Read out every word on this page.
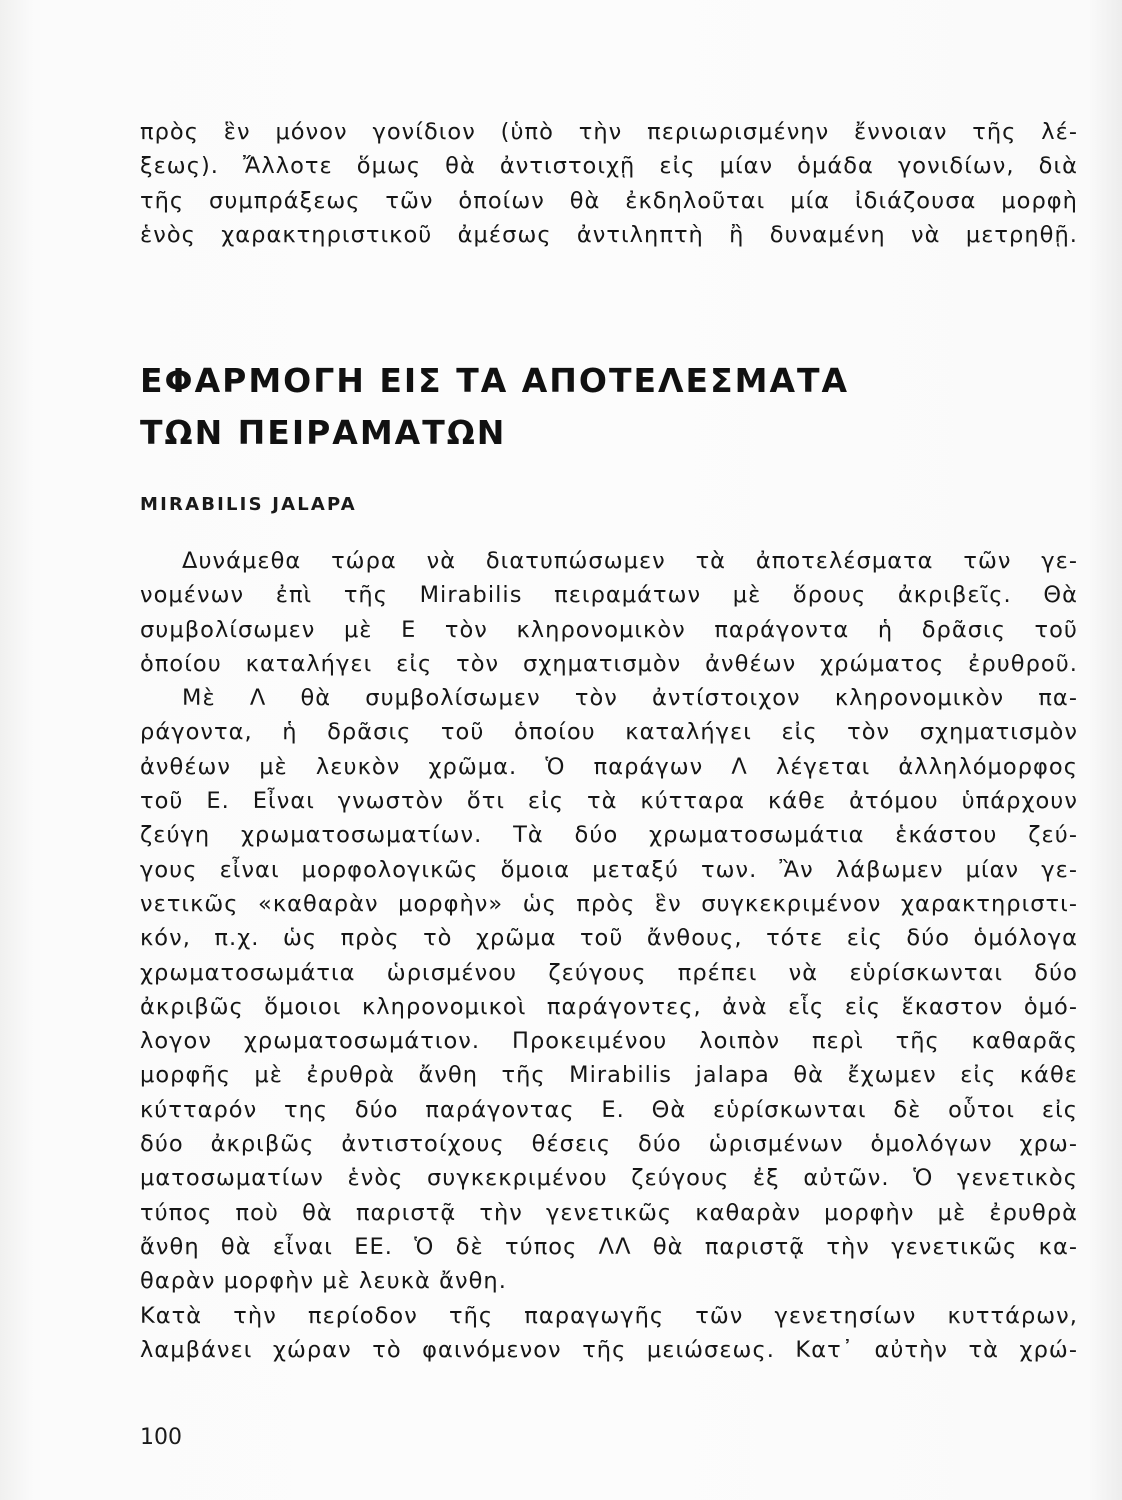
πρὸς ἓν μόνον γονίδιον (ὑπὸ τὴν περιωρισμένην ἔννοιαν τῆς λέ-
ξεως). Ἄλλοτε ὅμως θὰ ἀντιστοιχῇ εἰς μίαν ὁμάδα γονιδίων, διὰ
τῆς συμπράξεως τῶν ὁποίων θὰ ἐκδηλοῦται μία ἰδιάζουσα μορφὴ
ἑνὸς χαρακτηριστικοῦ ἀμέσως ἀντιληπτὴ ἢ δυναμένη νὰ μετρηθῇ.
ΕΦΑΡΜΟΓΗ ΕΙΣ ΤΑ ΑΠΟΤΕΛΕΣΜΑΤΑ
ΤΩΝ ΠΕΙΡΑΜΑΤΩΝ
MIRABILIS JALAPA
Δυνάμεθα τώρα νὰ διατυπώσωμεν τὰ ἀποτελέσματα τῶν γε-
νομένων ἐπὶ τῆς Mirabilis πειραμάτων μὲ ὅρους ἀκριβεῖς. Θὰ
συμβολίσωμεν μὲ Ε τὸν κληρονομικὸν παράγοντα ἡ δρᾶσις τοῦ
ὁποίου καταλήγει εἰς τὸν σχηματισμὸν ἀνθέων χρώματος ἐρυθροῦ.
Μὲ Λ θὰ συμβολίσωμεν τὸν ἀντίστοιχον κληρονομικὸν πα-
ράγοντα, ἡ δρᾶσις τοῦ ὁποίου καταλήγει εἰς τὸν σχηματισμὸν
ἀνθέων μὲ λευκὸν χρῶμα. Ὁ παράγων Λ λέγεται ἀλληλόμορφος
τοῦ Ε. Εἶναι γνωστὸν ὅτι εἰς τὰ κύτταρα κάθε ἀτόμου ὑπάρχουν
ζεύγη χρωματοσωματίων. Τὰ δύο χρωματοσωμάτια ἑκάστου ζεύ-
γους εἶναι μορφολογικῶς ὅμοια μεταξύ των. Ἂν λάβωμεν μίαν γε-
νετικῶς «καθαρὰν μορφὴν» ὡς πρὸς ἓν συγκεκριμένον χαρακτηριστι-
κόν, π.χ. ὡς πρὸς τὸ χρῶμα τοῦ ἄνθους, τότε εἰς δύο ὁμόλογα
χρωματοσωμάτια ὡρισμένου ζεύγους πρέπει νὰ εὑρίσκωνται δύο
ἀκριβῶς ὅμοιοι κληρονομικοὶ παράγοντες, ἀνὰ εἷς εἰς ἕκαστον ὁμό-
λογον χρωματοσωμάτιον. Προκειμένου λοιπὸν περὶ τῆς καθαρᾶς
μορφῆς μὲ ἐρυθρὰ ἄνθη τῆς Mirabilis jalapa θὰ ἔχωμεν εἰς κάθε
κύτταρόν της δύο παράγοντας Ε. Θὰ εὑρίσκωνται δὲ οὗτοι εἰς
δύο ἀκριβῶς ἀντιστοίχους θέσεις δύο ὡρισμένων ὁμολόγων χρω-
ματοσωματίων ἑνὸς συγκεκριμένου ζεύγους ἐξ αὐτῶν. Ὁ γενετικὸς
τύπος ποὺ θὰ παριστᾷ τὴν γενετικῶς καθαρὰν μορφὴν μὲ ἐρυθρὰ
ἄνθη θὰ εἶναι ΕΕ. Ὁ δὲ τύπος ΛΛ θὰ παριστᾷ τὴν γενετικῶς κα-
θαρὰν μορφὴν μὲ λευκὰ ἄνθη.
Κατὰ τὴν περίοδον τῆς παραγωγῆς τῶν γενετησίων κυττάρων,
λαμβάνει χώραν τὸ φαινόμενον τῆς μειώσεως. Κατ᾽ αὐτὴν τὰ χρώ-
100
